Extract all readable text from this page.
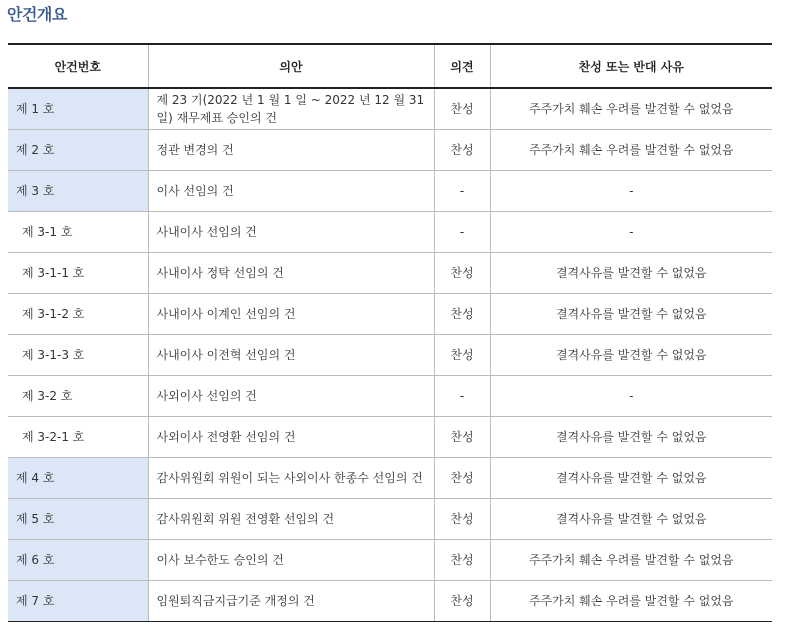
안건개요
안건번호	의안	의견	찬성 또는 반대 사유
제 1 호	제 23 기(2022 년 1 월 1 일 ~ 2022 년 12 월 31 일) 재무제표 승인의 건	찬성	주주가치 훼손 우려를 발견할 수 없었음
제 2 호	정관 변경의 건	찬성	주주가치 훼손 우려를 발견할 수 없었음
제 3 호	이사 선임의 건	-	-
제 3-1 호	사내이사 선임의 건	-	-
제 3-1-1 호	사내이사 정탁 선임의 건	찬성	결격사유를 발견할 수 없었음
제 3-1-2 호	사내이사 이계인 선임의 건	찬성	결격사유를 발견할 수 없었음
제 3-1-3 호	사내이사 이전혁 선임의 건	찬성	결격사유를 발견할 수 없었음
제 3-2 호	사외이사 선임의 건	-	-
제 3-2-1 호	사외이사 전영환 선임의 건	찬성	결격사유를 발견할 수 없었음
제 4 호	감사위원회 위원이 되는 사외이사 한종수 선임의 건	찬성	결격사유를 발견할 수 없었음
제 5 호	감사위원회 위원 전영환 선임의 건	찬성	결격사유를 발견할 수 없었음
제 6 호	이사 보수한도 승인의 건	찬성	주주가치 훼손 우려를 발견할 수 없었음
제 7 호	임원퇴직금지급기준 개정의 건	찬성	주주가치 훼손 우려를 발견할 수 없었음
